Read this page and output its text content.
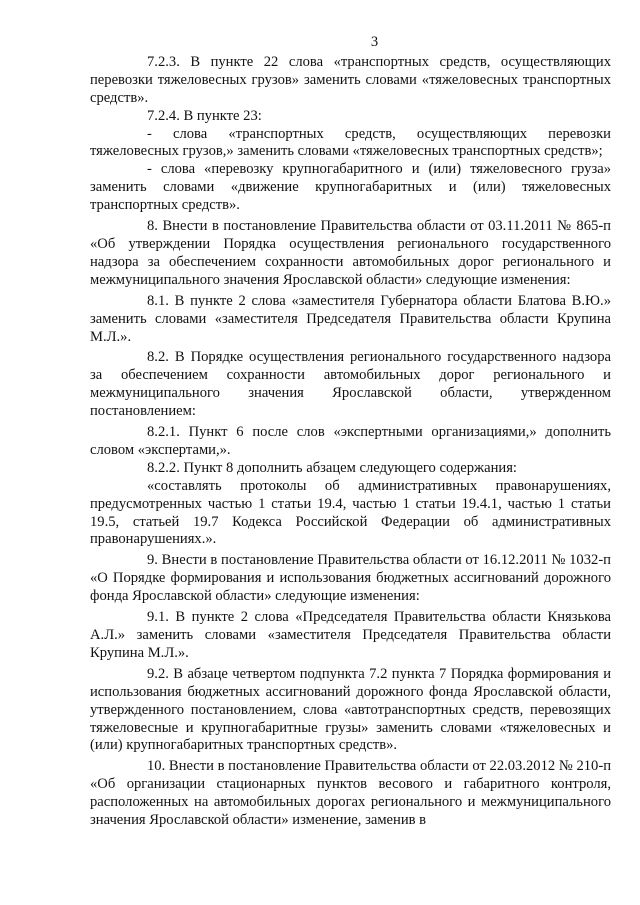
3

7.2.3. В пункте 22 слова «транспортных средств, осуществляющих перевозки тяжеловесных грузов» заменить словами «тяжеловесных транспортных средств».

7.2.4. В пункте 23:

- слова «транспортных средств, осуществляющих перевозки тяжеловесных грузов,» заменить словами «тяжеловесных транспортных средств»;

- слова «перевозку крупногабаритного и (или) тяжеловесного груза» заменить словами «движение крупногабаритных и (или) тяжеловесных транспортных средств».

8. Внести в постановление Правительства области от 03.11.2011 № 865-п «Об утверждении Порядка осуществления регионального государственного надзора за обеспечением сохранности автомобильных дорог регионального и межмуниципального значения Ярославской области» следующие изменения:

8.1. В пункте 2 слова «заместителя Губернатора области Блатова В.Ю.» заменить словами «заместителя Председателя Правительства области Крупина М.Л.».

8.2. В Порядке осуществления регионального государственного надзора за обеспечением сохранности автомобильных дорог регионального и межмуниципального значения Ярославской области, утвержденном постановлением:

8.2.1. Пункт 6 после слов «экспертными организациями,» дополнить словом «экспертами,».

8.2.2. Пункт 8 дополнить абзацем следующего содержания:

«составлять протоколы об административных правонарушениях, предусмотренных частью 1 статьи 19.4, частью 1 статьи 19.4.1, частью 1 статьи 19.5, статьей 19.7 Кодекса Российской Федерации об административных правонарушениях.».

9. Внести в постановление Правительства области от 16.12.2011 № 1032-п «О Порядке формирования и использования бюджетных ассигнований дорожного фонда Ярославской области» следующие изменения:

9.1. В пункте 2 слова «Председателя Правительства области Князькова А.Л.» заменить словами «заместителя Председателя Правительства области Крупина М.Л.».

9.2. В абзаце четвертом подпункта 7.2 пункта 7 Порядка формирования и использования бюджетных ассигнований дорожного фонда Ярославской области, утвержденного постановлением, слова «автотранспортных средств, перевозящих тяжеловесные и крупногабаритные грузы» заменить словами «тяжеловесных и (или) крупногабаритных транспортных средств».

10. Внести в постановление Правительства области от 22.03.2012 № 210-п «Об организации стационарных пунктов весового и габаритного контроля, расположенных на автомобильных дорогах регионального и межмуниципального значения Ярославской области» изменение, заменив в
